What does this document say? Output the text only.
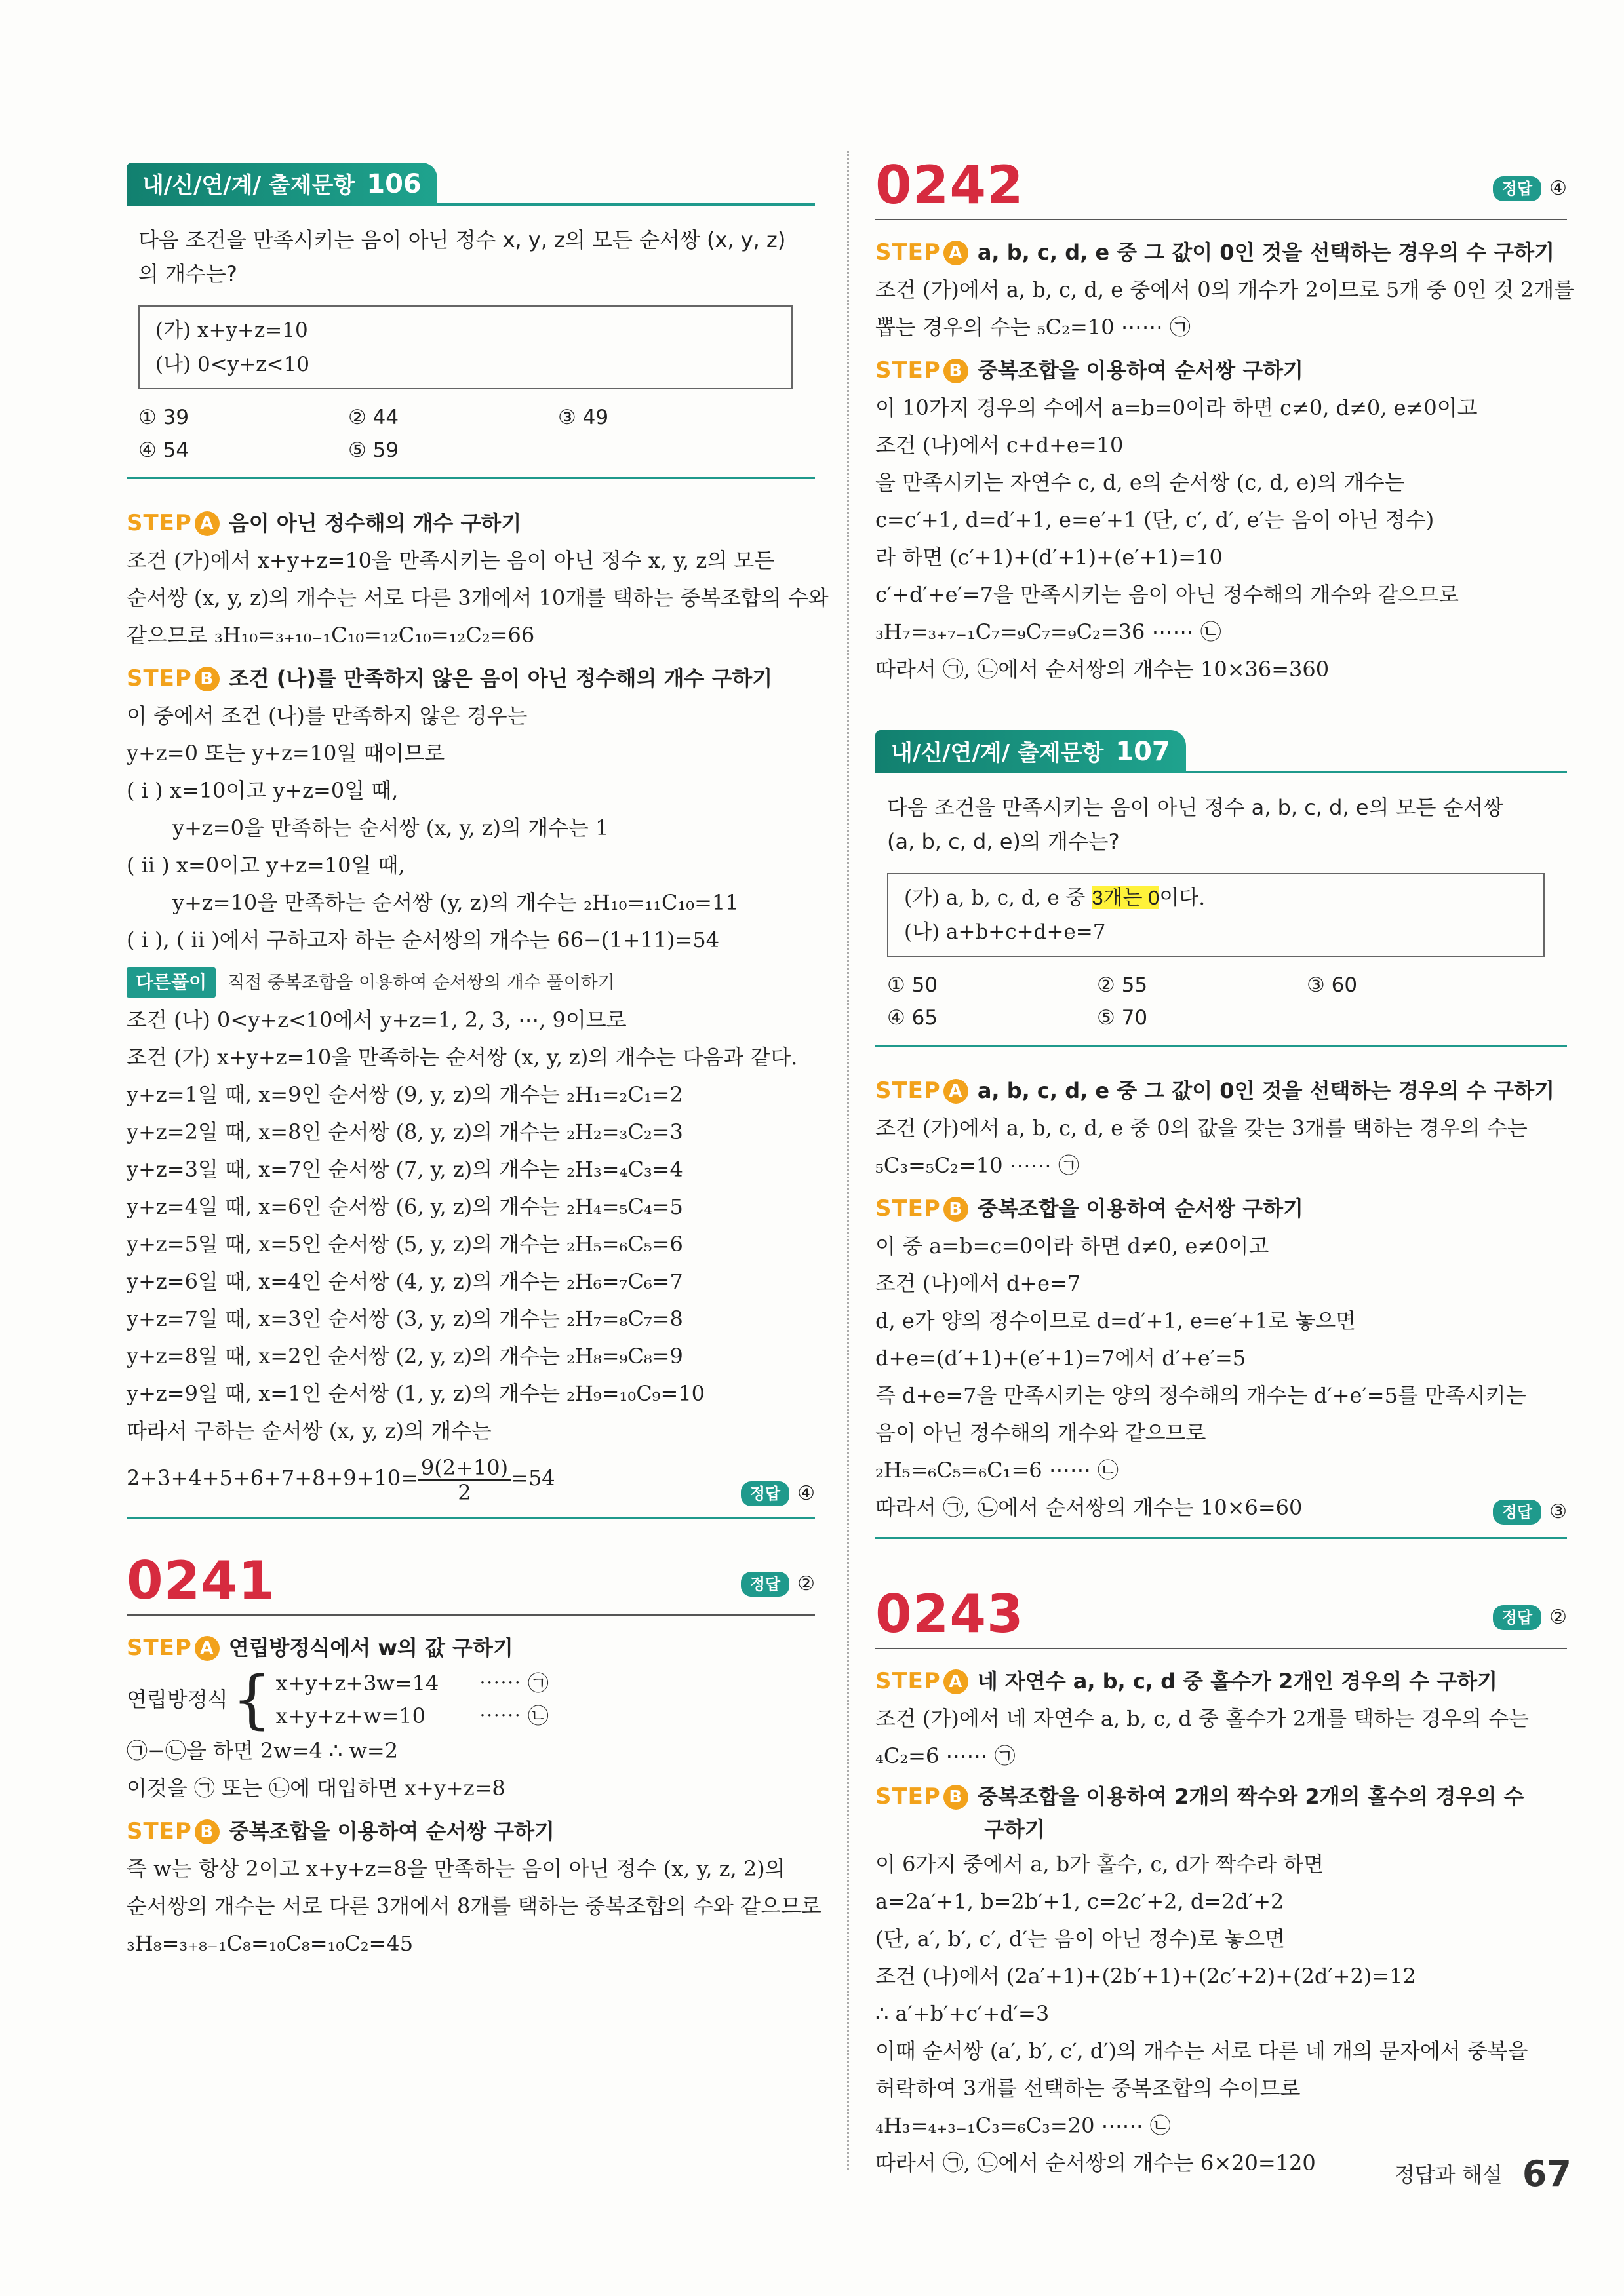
내/신/연/계/ 출제문항 106
다음 조건을 만족시키는 음이 아닌 정수 x, y, z의 모든 순서쌍 (x, y, z)
의 개수는?
(가) x+y+z=10
(나) 0<y+z<10
① 39	② 44	③ 49
④ 54	⑤ 59
STEP A 음이 아닌 정수해의 개수 구하기
조건 (가)에서 x+y+z=10을 만족시키는 음이 아닌 정수 x, y, z의 모든
순서쌍 (x, y, z)의 개수는 서로 다른 3개에서 10개를 택하는 중복조합의 수와
같으므로 ₃H₁₀=₃₊₁₀₋₁C₁₀=₁₂C₁₀=₁₂C₂=66
STEP B 조건 (나)를 만족하지 않은 음이 아닌 정수해의 개수 구하기
이 중에서 조건 (나)를 만족하지 않은 경우는
y+z=0 또는 y+z=10일 때이므로
( i ) x=10이고 y+z=0일 때,
y+z=0을 만족하는 순서쌍 (x, y, z)의 개수는 1
( ii ) x=0이고 y+z=10일 때,
y+z=10을 만족하는 순서쌍 (y, z)의 개수는 ₂H₁₀=₁₁C₁₀=11
( i ), ( ii )에서 구하고자 하는 순서쌍의 개수는 66−(1+11)=54
다른풀이 직접 중복조합을 이용하여 순서쌍의 개수 풀이하기
조건 (나) 0<y+z<10에서 y+z=1, 2, 3, ⋯, 9이므로
조건 (가) x+y+z=10을 만족하는 순서쌍 (x, y, z)의 개수는 다음과 같다.
y+z=1일 때, x=9인 순서쌍 (9, y, z)의 개수는 ₂H₁=₂C₁=2
y+z=2일 때, x=8인 순서쌍 (8, y, z)의 개수는 ₂H₂=₃C₂=3
y+z=3일 때, x=7인 순서쌍 (7, y, z)의 개수는 ₂H₃=₄C₃=4
y+z=4일 때, x=6인 순서쌍 (6, y, z)의 개수는 ₂H₄=₅C₄=5
y+z=5일 때, x=5인 순서쌍 (5, y, z)의 개수는 ₂H₅=₆C₅=6
y+z=6일 때, x=4인 순서쌍 (4, y, z)의 개수는 ₂H₆=₇C₆=7
y+z=7일 때, x=3인 순서쌍 (3, y, z)의 개수는 ₂H₇=₈C₇=8
y+z=8일 때, x=2인 순서쌍 (2, y, z)의 개수는 ₂H₈=₉C₈=9
y+z=9일 때, x=1인 순서쌍 (1, y, z)의 개수는 ₂H₉=₁₀C₉=10
따라서 구하는 순서쌍 (x, y, z)의 개수는
$2+3+4+5+6+7+8+9+10= \frac{9(2+10)}{2} =54$
정답 ④
0241	정답 ②
STEP A 연립방정식에서 w의 값 구하기
연립방정식 { x+y+z+3w=14 ⋯⋯ ㉠
x+y+z+w=10	⋯⋯ ㉡
㉠−㉡을 하면 2w=4 ∴ w=2
이것을 ㉠ 또는 ㉡에 대입하면 x+y+z=8
STEP B 중복조합을 이용하여 순서쌍 구하기
즉 w는 항상 2이고 x+y+z=8을 만족하는 음이 아닌 정수 (x, y, z, 2)의
순서쌍의 개수는 서로 다른 3개에서 8개를 택하는 중복조합의 수와 같으므로
₃H₈=₃₊₈₋₁C₈=₁₀C₈=₁₀C₂=45
0242	정답 ④
STEP A a, b, c, d, e 중 그 값이 0인 것을 선택하는 경우의 수 구하기
조건 (가)에서 a, b, c, d, e 중에서 0의 개수가 2이므로 5개 중 0인 것 2개를
뽑는 경우의 수는 ₅C₂=10 ⋯⋯ ㉠
STEP B 중복조합을 이용하여 순서쌍 구하기
이 10가지 경우의 수에서 a=b=0이라 하면 c≠0, d≠0, e≠0이고
조건 (나)에서 c+d+e=10
을 만족시키는 자연수 c, d, e의 순서쌍 (c, d, e)의 개수는
c=c′+1, d=d′+1, e=e′+1 (단, c′, d′, e′는 음이 아닌 정수)
라 하면 (c′+1)+(d′+1)+(e′+1)=10
c′+d′+e′=7을 만족시키는 음이 아닌 정수해의 개수와 같으므로
₃H₇=₃₊₇₋₁C₇=₉C₇=₉C₂=36 ⋯⋯ ㉡
따라서 ㉠, ㉡에서 순서쌍의 개수는 10×36=360
내/신/연/계/ 출제문항 107
다음 조건을 만족시키는 음이 아닌 정수 a, b, c, d, e의 모든 순서쌍
(a, b, c, d, e)의 개수는?
(가) a, b, c, d, e 중 3개는 0이다.
(나) a+b+c+d+e=7
① 50	② 55	③ 60
④ 65	⑤ 70
STEP A a, b, c, d, e 중 그 값이 0인 것을 선택하는 경우의 수 구하기
조건 (가)에서 a, b, c, d, e 중 0의 값을 갖는 3개를 택하는 경우의 수는
₅C₃=₅C₂=10 ⋯⋯ ㉠
STEP B 중복조합을 이용하여 순서쌍 구하기
이 중 a=b=c=0이라 하면 d≠0, e≠0이고
조건 (나)에서 d+e=7
d, e가 양의 정수이므로 d=d′+1, e=e′+1로 놓으면
d+e=(d′+1)+(e′+1)=7에서 d′+e′=5
즉 d+e=7을 만족시키는 양의 정수해의 개수는 d′+e′=5를 만족시키는
음이 아닌 정수해의 개수와 같으므로
₂H₅=₆C₅=₆C₁=6 ⋯⋯ ㉡
따라서 ㉠, ㉡에서 순서쌍의 개수는 10×6=60	정답 ③
0243	정답 ②
STEP A 네 자연수 a, b, c, d 중 홀수가 2개인 경우의 수 구하기
조건 (가)에서 네 자연수 a, b, c, d 중 홀수가 2개를 택하는 경우의 수는
₄C₂=6 ⋯⋯ ㉠
STEP B 중복조합을 이용하여 2개의 짝수와 2개의 홀수의 경우의 수
구하기
이 6가지 중에서 a, b가 홀수, c, d가 짝수라 하면
a=2a′+1, b=2b′+1, c=2c′+2, d=2d′+2
(단, a′, b′, c′, d′는 음이 아닌 정수)로 놓으면
조건 (나)에서 (2a′+1)+(2b′+1)+(2c′+2)+(2d′+2)=12
∴ a′+b′+c′+d′=3
이때 순서쌍 (a′, b′, c′, d′)의 개수는 서로 다른 네 개의 문자에서 중복을
허락하여 3개를 선택하는 중복조합의 수이므로
₄H₃=₄₊₃₋₁C₃=₆C₃=20 ⋯⋯ ㉡
따라서 ㉠, ㉡에서 순서쌍의 개수는 6×20=120	정답과 해설 67
